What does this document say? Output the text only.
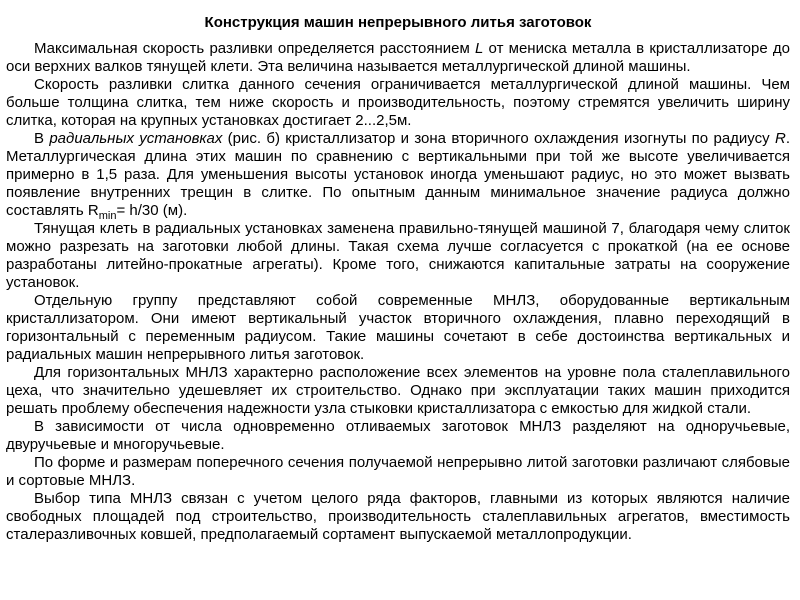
Конструкция машин непрерывного литья заготовок

Максимальная скорость разливки определяется расстоянием L от мениска металла в кристаллизаторе до оси верхних валков тянущей клети. Эта величина называется металлургической длиной машины.

Скорость разливки слитка данного сечения ограничивается металлургической длиной машины. Чем больше толщина слитка, тем ниже скорость и производительность, поэтому стремятся увеличить ширину слитка, которая на крупных установках достигает 2...2,5м.

В радиальных установках (рис. б) кристаллизатор и зона вторичного охлаждения изогнуты по радиусу R. Металлургическая длина этих машин по сравнению с вертикальными при той же высоте увеличивается примерно в 1,5 раза. Для уменьшения высоты установок иногда уменьшают радиус, но это может вызвать появление внутренних трещин в слитке. По опытным данным минимальное значение радиуса должно составлять $R_{min}= h/30$ (м).

Тянущая клеть в радиальных установках заменена правильно-тянущей машиной 7, благодаря чему слиток можно разрезать на заготовки любой длины. Такая схема лучше согласуется с прокаткой (на ее основе разработаны литейно-прокатные агрегаты). Кроме того, снижаются капитальные затраты на сооружение установок.

Отдельную группу представляют собой современные МНЛЗ, оборудованные вертикальным кристаллизатором. Они имеют вертикальный участок вторичного охлаждения, плавно переходящий в горизонтальный с переменным радиусом. Такие машины сочетают в себе достоинства вертикальных и радиальных машин непрерывного литья заготовок.

Для горизонтальных МНЛЗ характерно расположение всех элементов на уровне пола сталеплавильного цеха, что значительно удешевляет их строительство. Однако при эксплуатации таких машин приходится решать проблему обеспечения надежности узла стыковки кристаллизатора с емкостью для жидкой стали.

В зависимости от числа одновременно отливаемых заготовок МНЛЗ разделяют на одноручьевые, двуручьевые и многоручьевые.

По форме и размерам поперечного сечения получаемой непрерывно литой заготовки различают слябовые и сортовые МНЛЗ.

Выбор типа МНЛЗ связан с учетом целого ряда факторов, главными из которых являются наличие свободных площадей под строительство, производительность сталеплавильных агрегатов, вместимость сталеразливочных ковшей, предполагаемый сортамент выпускаемой металлопродукции.
